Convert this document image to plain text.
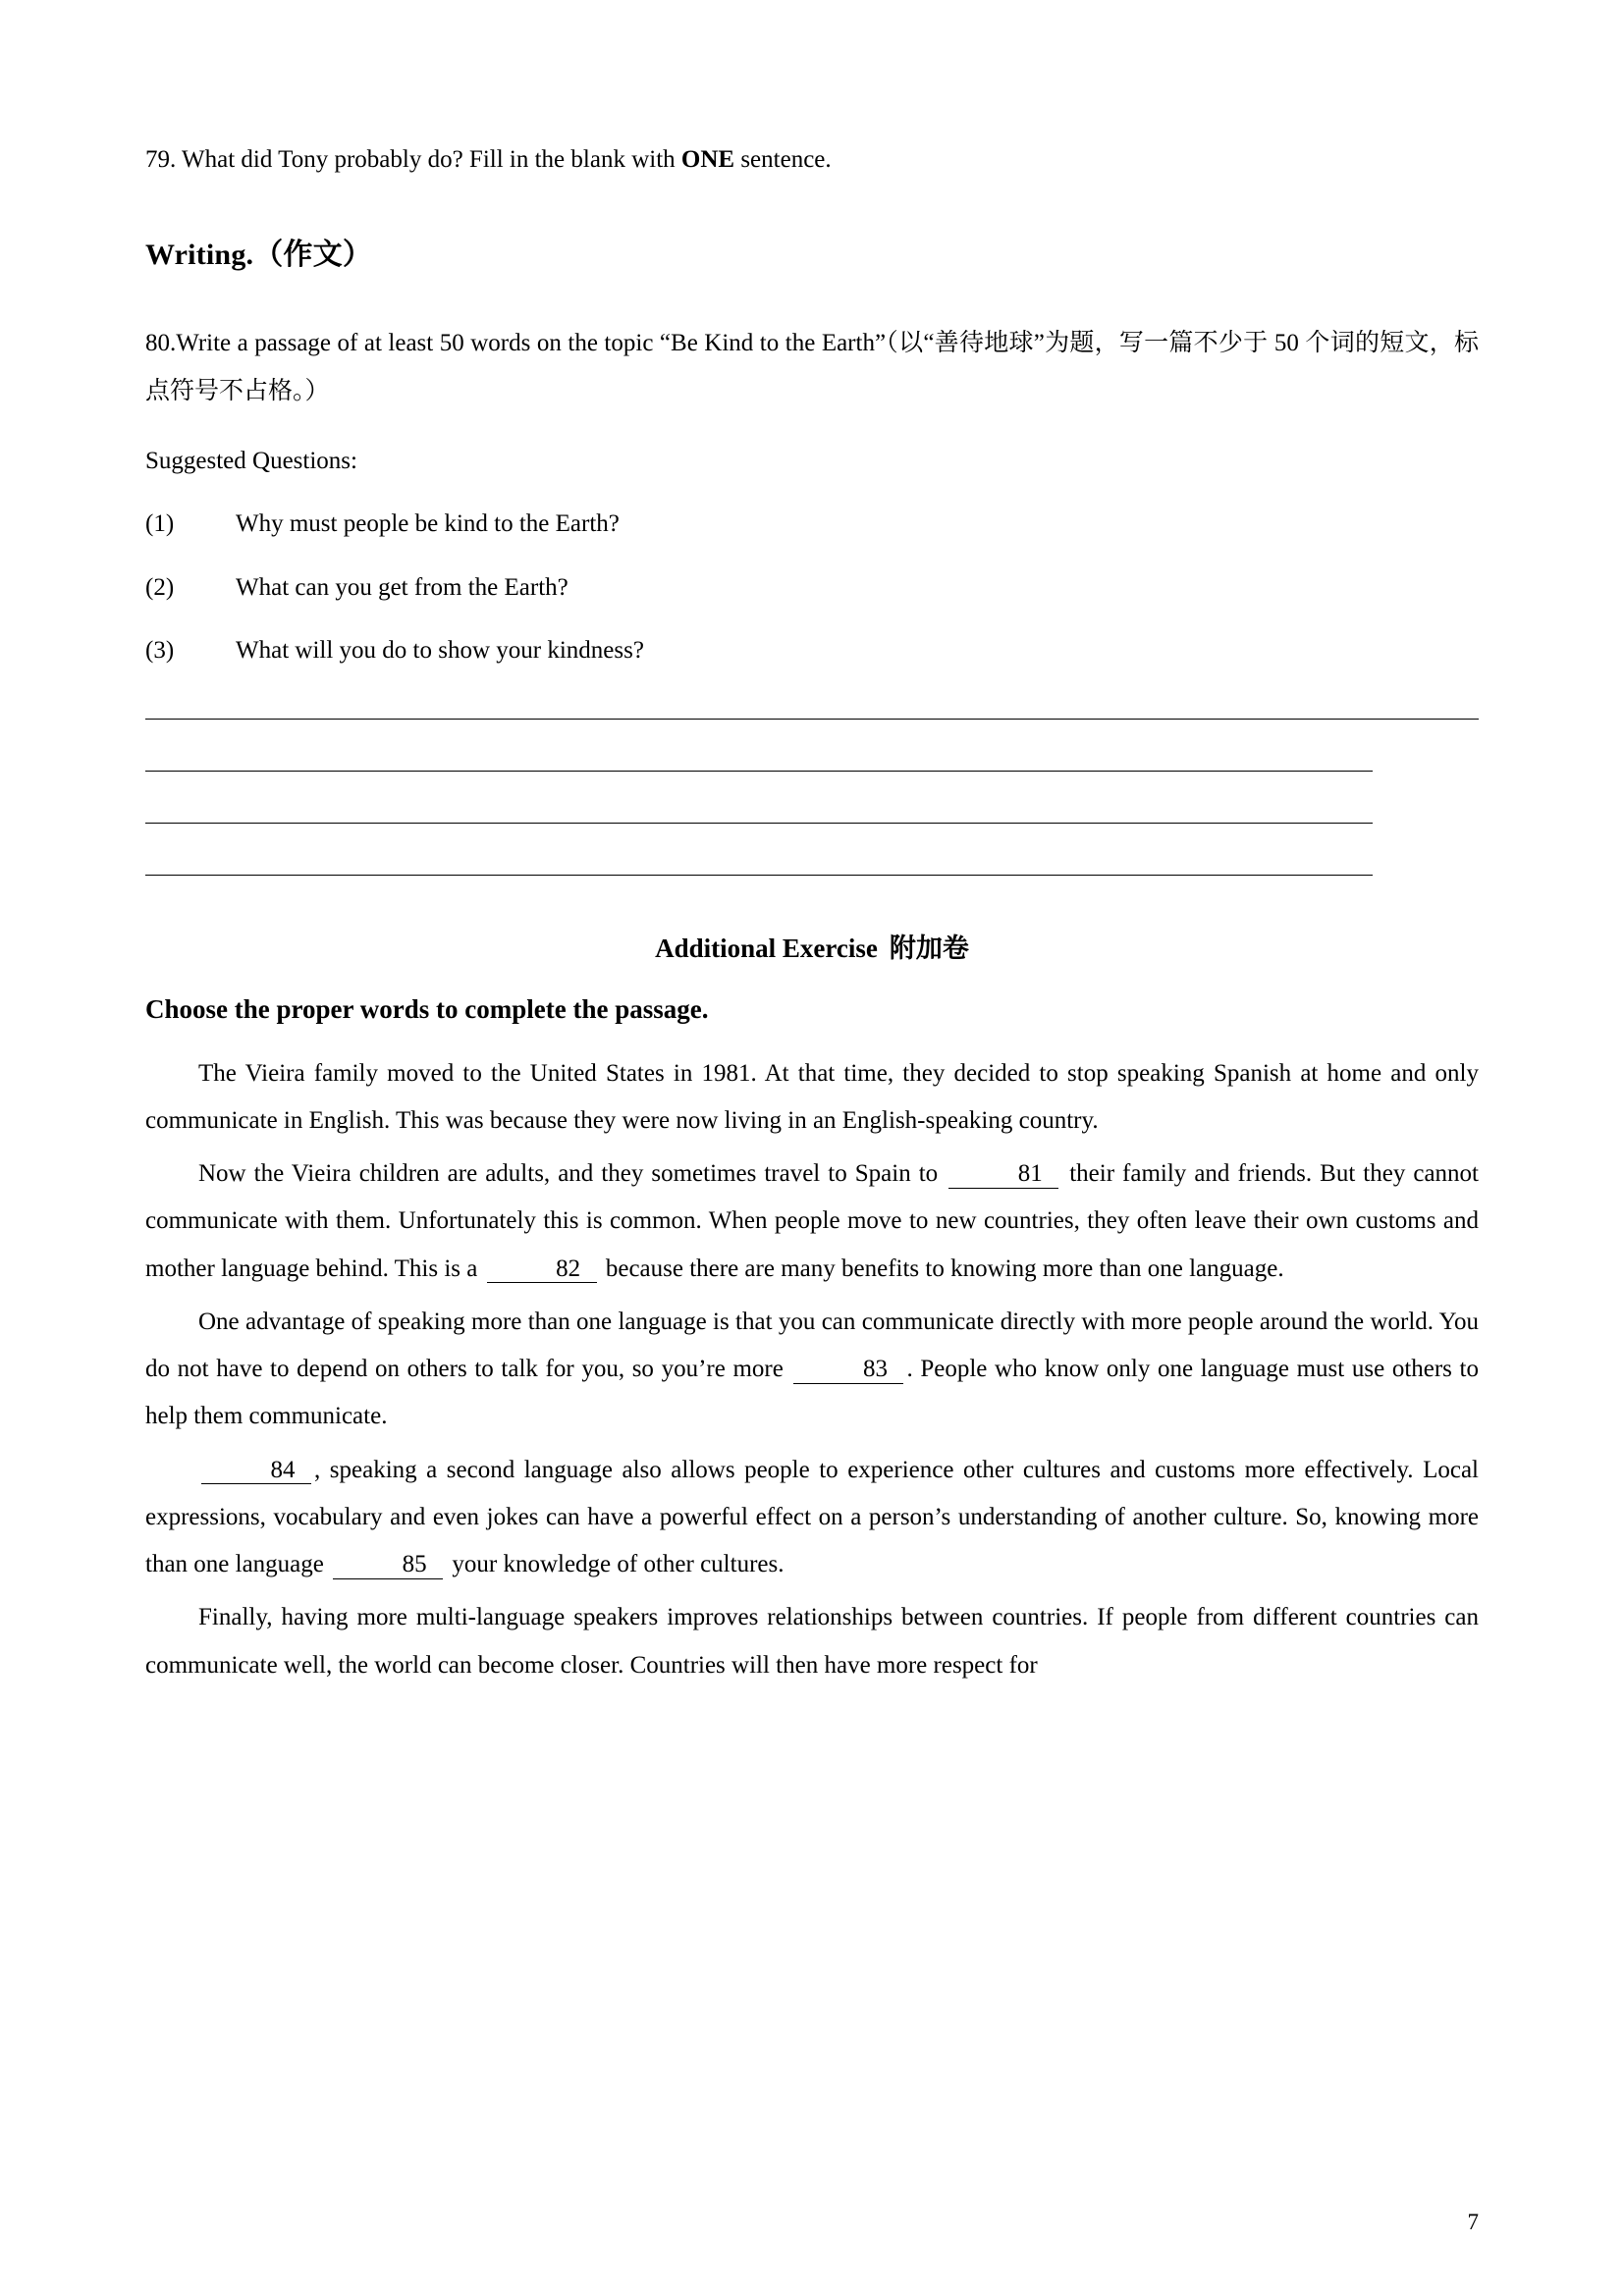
79. What did Tony probably do? Fill in the blank with ONE sentence.

Writing.（作文）

80.Write a passage of at least 50 words on the topic “Be Kind to the Earth”（以“善待地球”为题，写一篇不少于 50 个词的短文，标点符号不占格。）

Suggested Questions:

(1)	Why must people be kind to the Earth?
(2)	What can you get from the Earth?
(3)	What will you do to show your kindness?
Additional Exercise 附加卷
Choose the proper words to complete the passage.

The Vieira family moved to the United States in 1981. At that time, they decided to stop speaking Spanish at home and only communicate in English. This was because they were now living in an English-speaking country.

Now the Vieira children are adults, and they sometimes travel to Spain to	81 their family and friends. But they cannot communicate with them. Unfortunately this is common. When people move to new countries, they often leave their own customs and mother language behind. This is a	82 because there are many benefits to knowing more than one language.

One advantage of speaking more than one language is that you can communicate directly with more people around the world. You do not have to depend on others to talk for you, so you’re more	83 . People who know only one language must use others to help them communicate.

84 , speaking a second language also allows people to experience other cultures and customs more effectively. Local expressions, vocabulary and even jokes can have a powerful effect on a person’s understanding of another culture. So, knowing more than one language	85 your knowledge of other cultures.

Finally, having more multi-language speakers improves relationships between countries. If people from different countries can communicate well, the world can become closer. Countries will then have more respect for

7
